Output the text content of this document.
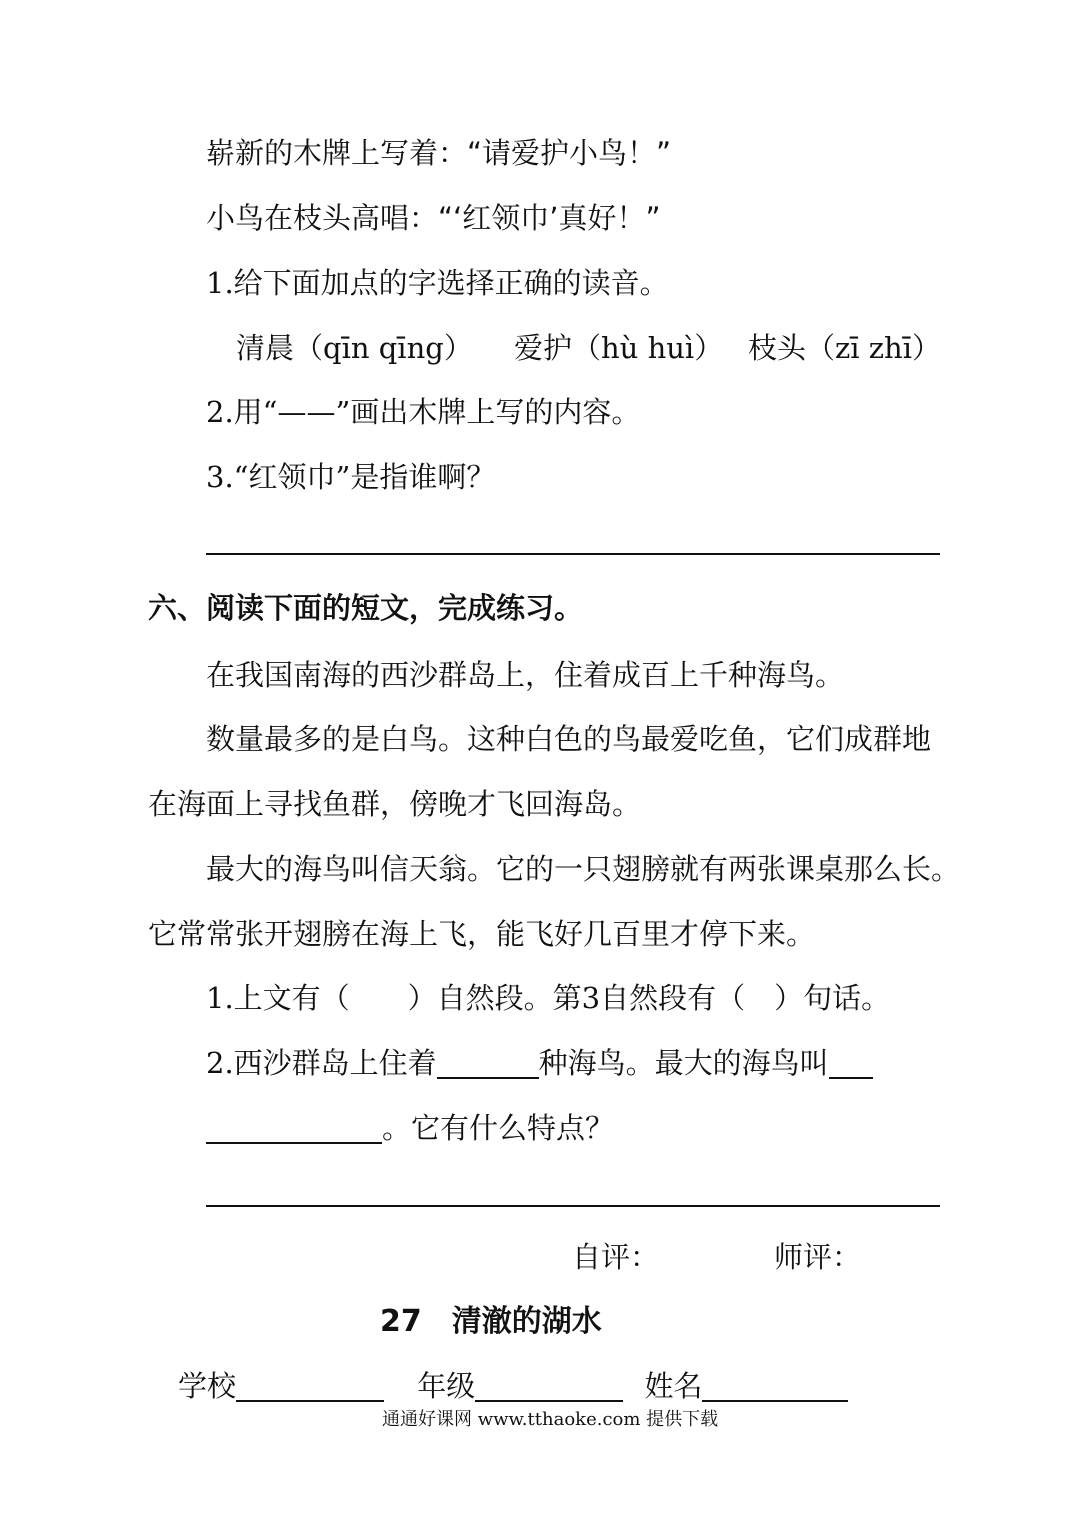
崭新的木牌上写着：“请爱护小鸟！”
小鸟在枝头高唱：“‘红领巾’真好！”
1.给下面加点的字选择正确的读音。
清晨（qīn qīng） 爱护（hù huì） 枝头（zī zhī）
2.用“——”画出木牌上写的内容。
3.“红领巾”是指谁啊？
六、阅读下面的短文，完成练习。
在我国南海的西沙群岛上，住着成百上千种海鸟。
数量最多的是白鸟。这种白色的鸟最爱吃鱼，它们成群地
在海面上寻找鱼群，傍晚才飞回海岛。
最大的海鸟叫信天翁。它的一只翅膀就有两张课桌那么长。
它常常张开翅膀在海上飞，能飞好几百里才停下来。
1.上文有（　　）自然段。第3自然段有（　）句话。
2.西沙群岛上住着	种海鸟。最大的海鸟叫
。它有什么特点？
自评：	师评：
27　清澈的湖水
学校	年级	姓名
通通好课网 www.tthaoke.com 提供下载
